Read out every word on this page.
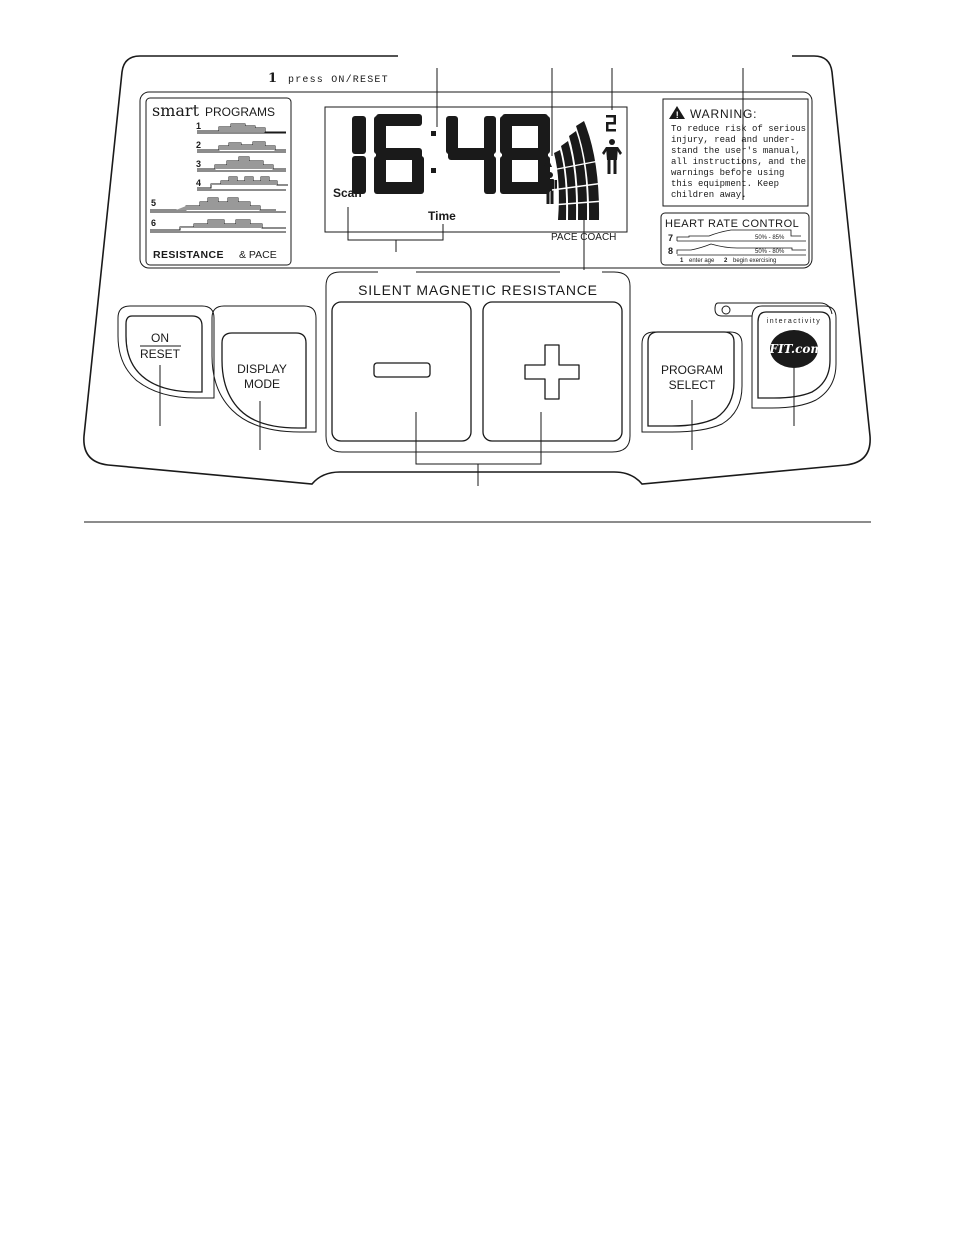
1 press ON/RESET
smart PROGRAMS
1
2
3
4
5
6
RESISTANCE & PACE
Scan
Time
PACE COACH
! WARNING:
To reduce risk of serious
injury, read and under-
stand the user's manual,
all instructions, and the
warnings before using
this equipment. Keep
children away.
HEART RATE CONTROL
7	50% - 85%
8	50% - 80%
1 enter age 2 begin exercising
SILENT MAGNETIC RESISTANCE
ON
RESET
DISPLAY
MODE
PROGRAM
SELECT
interactivity
iFIT.com
